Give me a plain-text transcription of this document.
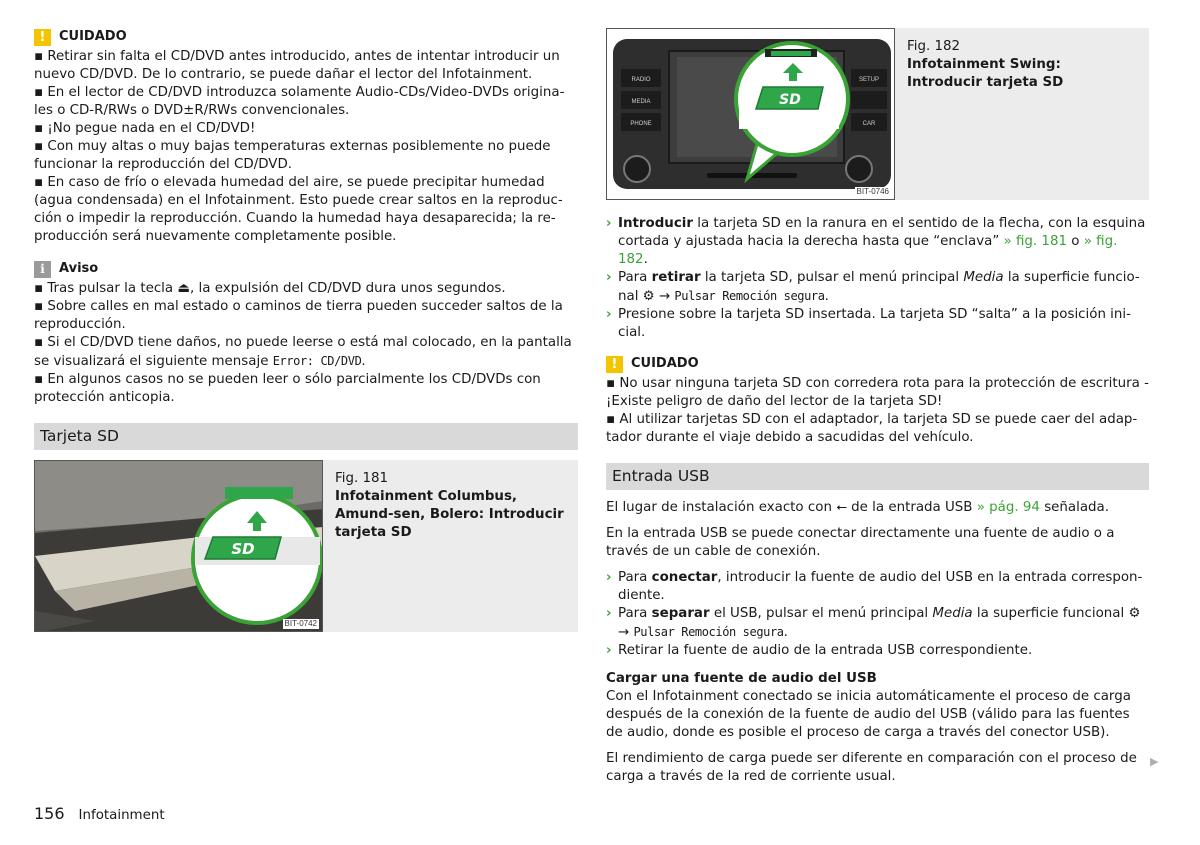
!	CUIDADO

▪ Retirar sin falta el CD/DVD antes introducido, antes de intentar introducir un nuevo CD/DVD. De lo contrario, se puede dañar el lector del Infotainment.

▪ En el lector de CD/DVD introduzca solamente Audio-CDs/Video-DVDs origina-les o CD-R/RWs o DVD±R/RWs convencionales.

▪ ¡No pegue nada en el CD/DVD!

▪ Con muy altas o muy bajas temperaturas externas posiblemente no puede funcionar la reproducción del CD/DVD.

▪ En caso de frío o elevada humedad del aire, se puede precipitar humedad (agua condensada) en el Infotainment. Esto puede crear saltos en la reproduc-ción o impedir la reproducción. Cuando la humedad haya desaparecida; la re-producción será nuevamente completamente posible.

i	Aviso

▪ Tras pulsar la tecla ⏏, la expulsión del CD/DVD dura unos segundos.

▪ Sobre calles en mal estado o caminos de tierra pueden succeder saltos de la reproducción.

▪ Si el CD/DVD tiene daños, no puede leerse o está mal colocado, en la pantalla se visualizará el siguiente mensaje Error: CD/DVD.

▪ En algunos casos no se pueden leer o sólo parcialmente los CD/DVDs con protección anticopia.

Tarjeta SD
SD
BIT-0742
Fig. 181
Infotainment Columbus, Amund-sen, Bolero: Introducir tarjeta SD
RADIO
MEDIA
PHONE
SETUP
CAR
SD
BIT-0746
Fig. 182
Infotainment Swing: Introducir tarjeta SD

› Introducir la tarjeta SD en la ranura en el sentido de la flecha, con la esquina cortada y ajustada hacia la derecha hasta que “enclava” » fig. 181 o » fig. 182.

› Para retirar la tarjeta SD, pulsar el menú principal Media la superficie funcio-nal ⚙ → Pulsar Remoción segura.

› Presione sobre la tarjeta SD insertada. La tarjeta SD “salta” a la posición ini-cial.

!	CUIDADO

▪ No usar ninguna tarjeta SD con corredera rota para la protección de escritura - ¡Existe peligro de daño del lector de la tarjeta SD!

▪ Al utilizar tarjetas SD con el adaptador, la tarjeta SD se puede caer del adap-tador durante el viaje debido a sacudidas del vehículo.

Entrada USB

El lugar de instalación exacto con ⭠ de la entrada USB » pág. 94 señalada.

En la entrada USB se puede conectar directamente una fuente de audio o a través de un cable de conexión.

› Para conectar, introducir la fuente de audio del USB en la entrada correspon-diente.

› Para separar el USB, pulsar el menú principal Media la superficie funcional ⚙
→ Pulsar Remoción segura.

› Retirar la fuente de audio de la entrada USB correspondiente.

Cargar una fuente de audio del USB

Con el Infotainment conectado se inicia automáticamente el proceso de carga después de la conexión de la fuente de audio del USB (válido para las fuentes de audio, donde es posible el proceso de carga a través del conector USB).

El rendimiento de carga puede ser diferente en comparación con el proceso de carga a través de la red de corriente usual.

▶
156 Infotainment
